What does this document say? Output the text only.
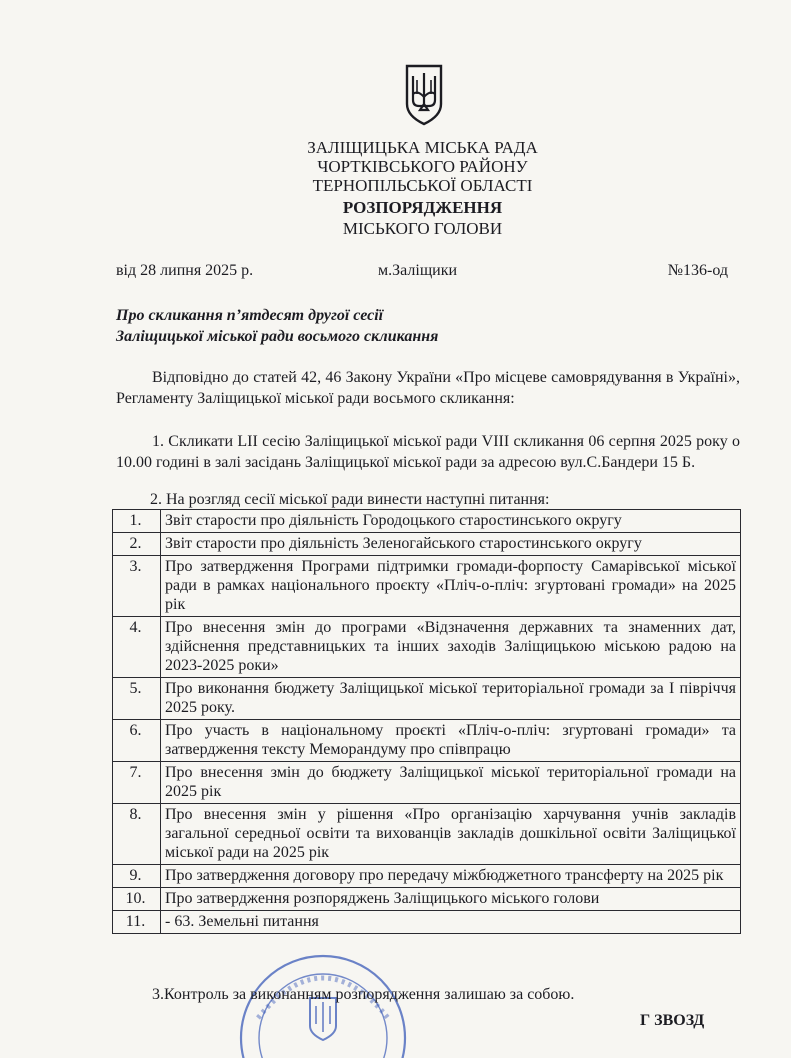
ЗАЛІЩИЦЬКА МІСЬКА РАДА
ЧОРТКІВСЬКОГО РАЙОНУ
ТЕРНОПІЛЬСЬКОЇ ОБЛАСТІ
РОЗПОРЯДЖЕННЯ
МІСЬКОГО ГОЛОВИ
від 28 липня 2025 р.	м.Заліщики	№136-од
Про скликання п’ятдесят другої сесії
Заліщицької міської ради восьмого скликання
Відповідно до статей 42, 46 Закону України «Про місцеве самоврядування в Україні», Регламенту Заліщицької міської ради восьмого скликання:
1. Скликати LII сесію Заліщицької міської ради VIII скликання 06 серпня 2025 року о 10.00 годині в залі засідань Заліщицької міської ради за адресою вул.С.Бандери 15 Б.
2. На розгляд сесії міської ради винести наступні питання:
1.	Звіт старости про діяльність Городоцького старостинського округу
2.	Звіт старости про діяльність Зеленогайського старостинського округу
3.	Про затвердження Програми підтримки громади-форпосту Самарівської міської ради в рамках національного проєкту «Пліч-о-пліч: згуртовані громади» на 2025 рік
4.	Про внесення змін до програми «Відзначення державних та знаменних дат, здійснення представницьких та інших заходів Заліщицькою міською радою на 2023-2025 роки»
5.	Про виконання бюджету Заліщицької міської територіальної громади за І півріччя 2025 року.
6.	Про участь в національному проєкті «Пліч-о-пліч: згуртовані громади» та затвердження тексту Меморандуму про співпрацю
7.	Про внесення змін до бюджету Заліщицької міської територіальної громади на 2025 рік
8.	Про внесення змін у рішення «Про організацію харчування учнів закладів загальної середньої освіти та вихованців закладів дошкільної освіти Заліщицької міської ради на 2025 рік
9.	Про затвердження договору про передачу міжбюджетного трансферту на 2025 рік
10.	Про затвердження розпоряджень Заліщицького міського голови
11.	- 63. Земельні питання
3.Контроль за виконанням розпорядження залишаю за собою.
Г ЗВОЗД
